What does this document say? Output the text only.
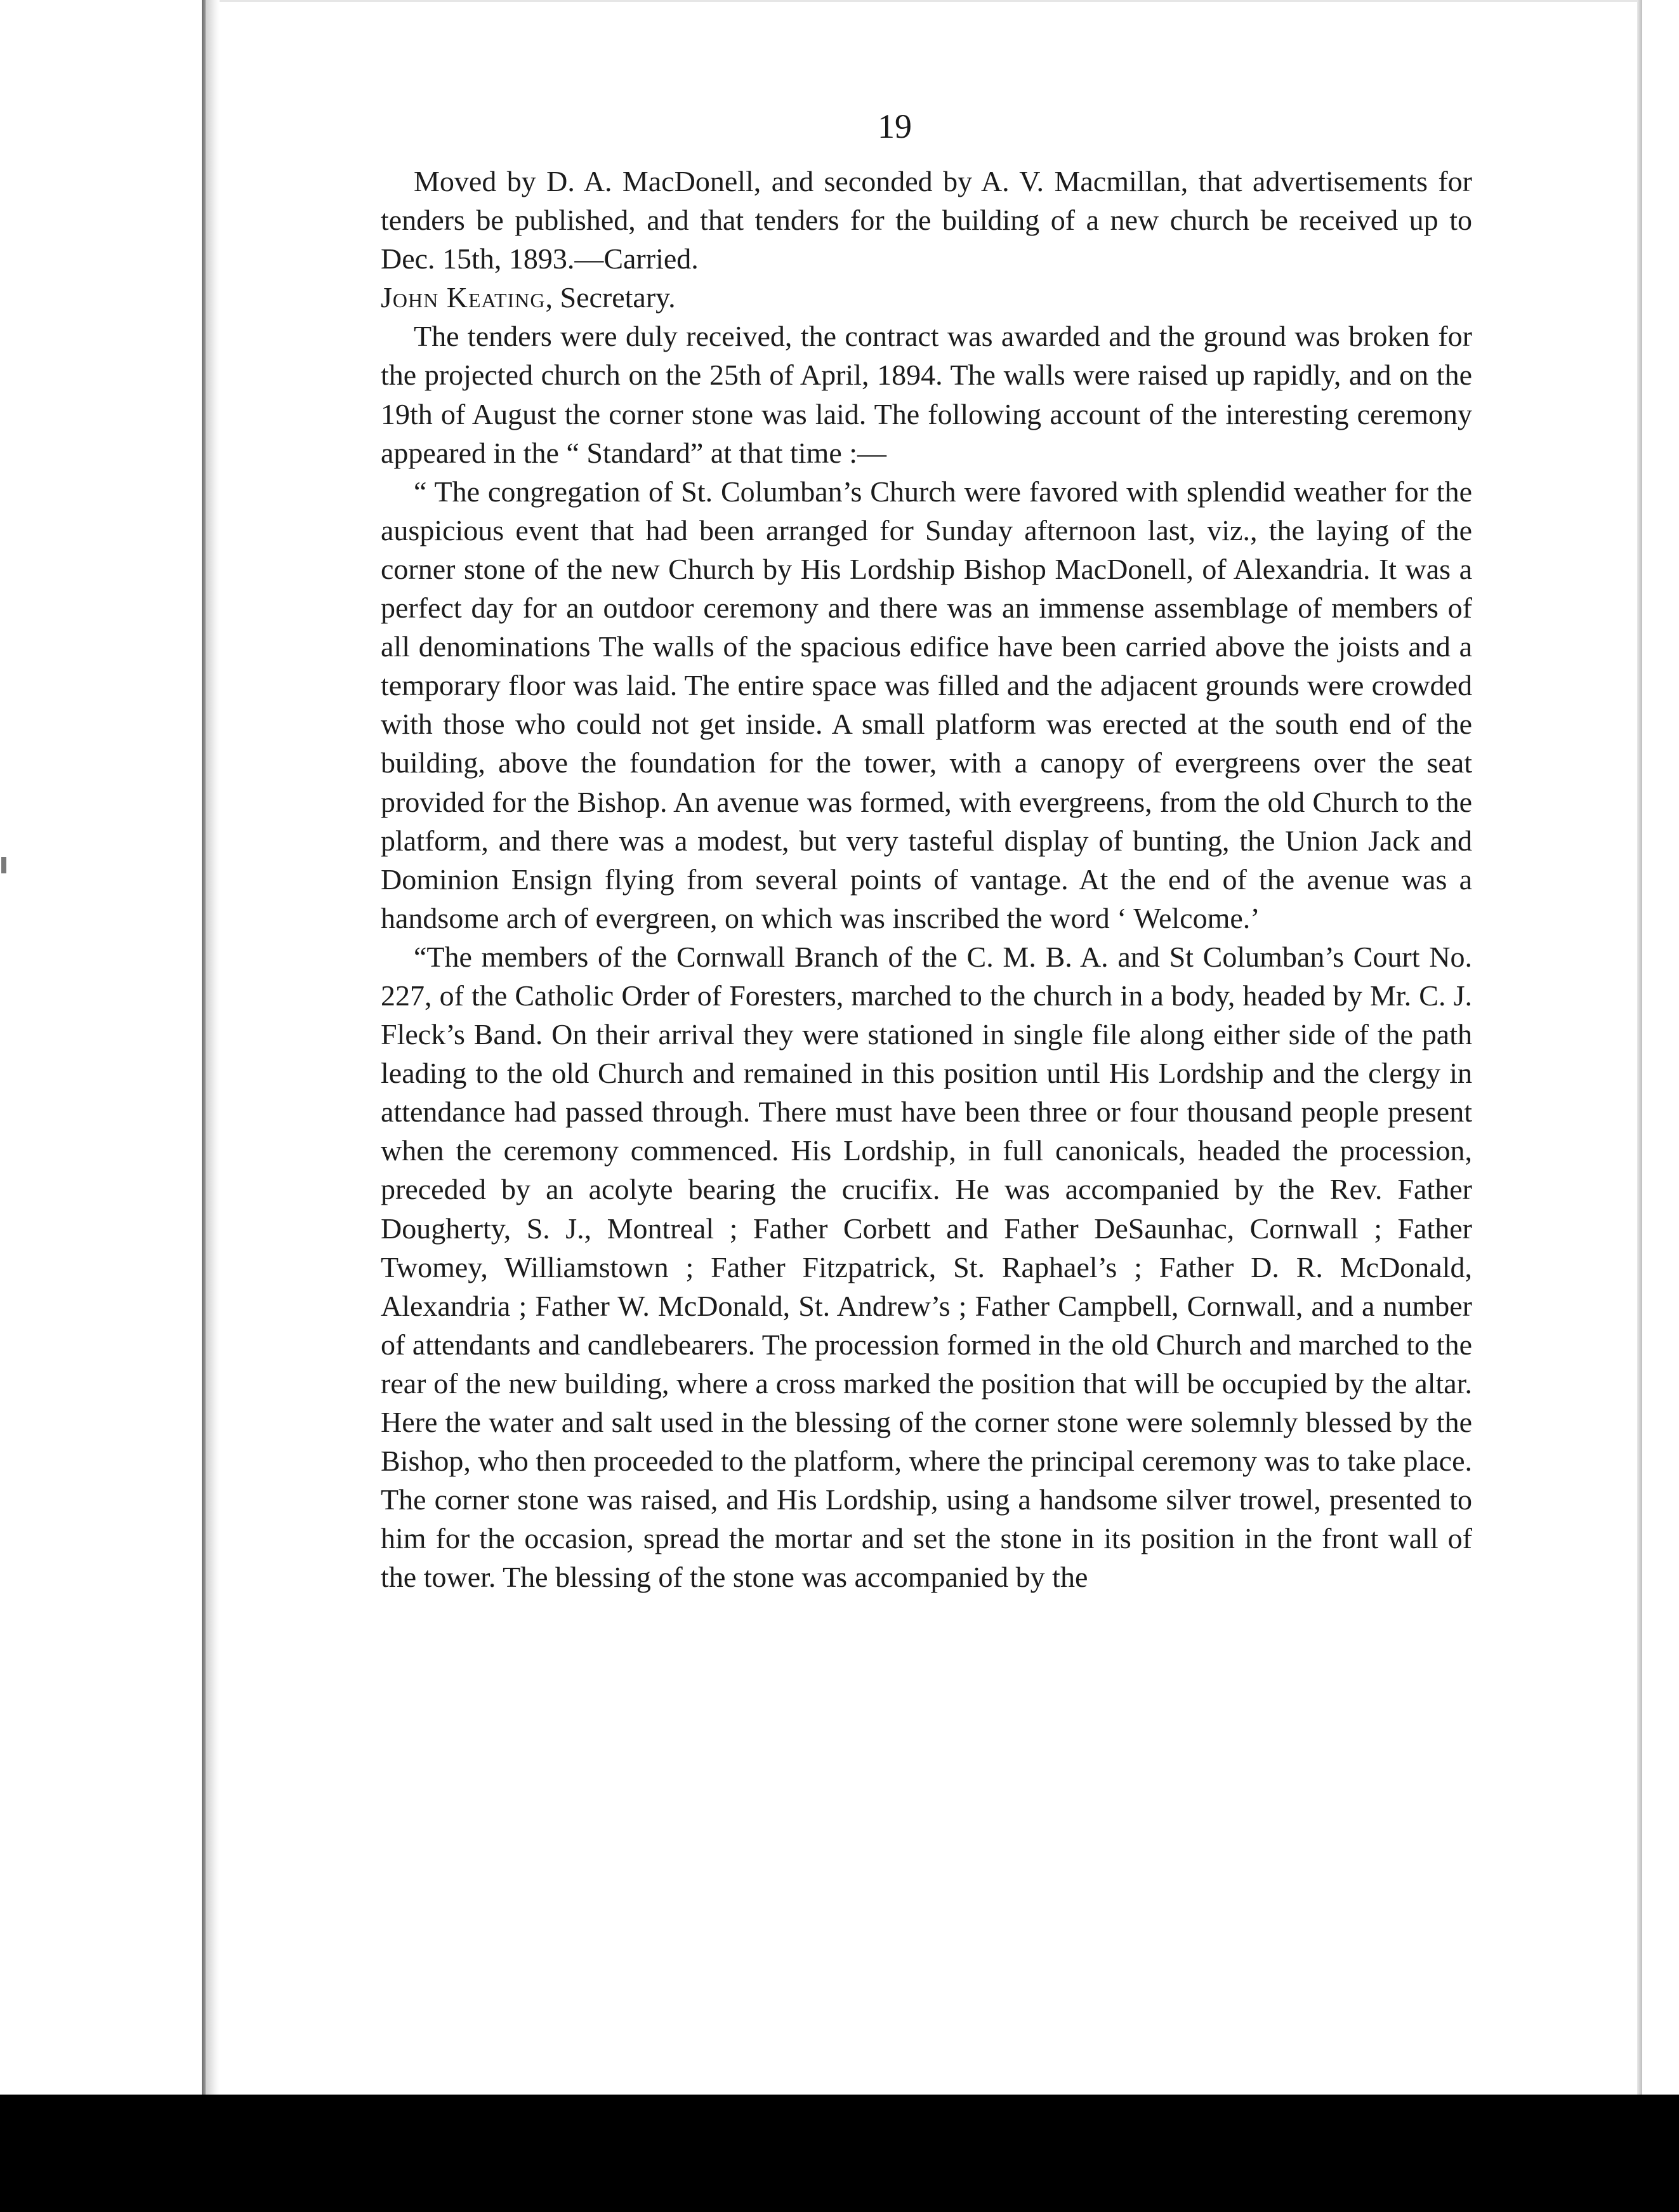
19

Moved by D. A. MacDonell, and seconded by A. V. Macmillan, that advertisements for tenders be published, and that tenders for the building of a new church be received up to Dec. 15th, 1893.—Carried.

John Keating, Secretary.

The tenders were duly received, the contract was awarded and the ground was broken for the projected church on the 25th of April, 1894. The walls were raised up rapidly, and on the 19th of August the corner stone was laid. The following account of the interesting ceremony appeared in the “ Standard” at that time :—

“ The congregation of St. Columban’s Church were favored with splendid weather for the auspicious event that had been arranged for Sunday afternoon last, viz., the laying of the corner stone of the new Church by His Lordship Bishop MacDonell, of Alexandria. It was a perfect day for an outdoor ceremony and there was an immense assemblage of members of all denominations The walls of the spacious edifice have been carried above the joists and a temporary floor was laid. The entire space was filled and the adjacent grounds were crowded with those who could not get inside. A small platform was erected at the south end of the building, above the foundation for the tower, with a canopy of evergreens over the seat provided for the Bishop. An avenue was formed, with evergreens, from the old Church to the platform, and there was a modest, but very tasteful display of bunting, the Union Jack and Dominion Ensign flying from several points of vantage. At the end of the avenue was a handsome arch of evergreen, on which was inscribed the word ‘ Welcome.’

“The members of the Cornwall Branch of the C. M. B. A. and St Columban’s Court No. 227, of the Catholic Order of Foresters, marched to the church in a body, headed by Mr. C. J. Fleck’s Band. On their arrival they were stationed in single file along either side of the path leading to the old Church and remained in this position until His Lordship and the clergy in attendance had passed through. There must have been three or four thousand people present when the ceremony commenced. His Lordship, in full canonicals, headed the procession, preceded by an acolyte bearing the crucifix. He was accompanied by the Rev. Father Dougherty, S. J., Montreal ; Father Corbett and Father DeSaunhac, Cornwall ; Father Twomey, Williamstown ; Father Fitzpatrick, St. Raphael’s ; Father D. R. McDonald, Alexandria ; Father W. McDonald, St. Andrew’s ; Father Campbell, Cornwall, and a number of attendants and candlebearers. The procession formed in the old Church and marched to the rear of the new building, where a cross marked the position that will be occupied by the altar. Here the water and salt used in the blessing of the corner stone were solemnly blessed by the Bishop, who then proceeded to the platform, where the principal ceremony was to take place. The corner stone was raised, and His Lordship, using a handsome silver trowel, presented to him for the occasion, spread the mortar and set the stone in its position in the front wall of the tower. The blessing of the stone was accompanied by the
